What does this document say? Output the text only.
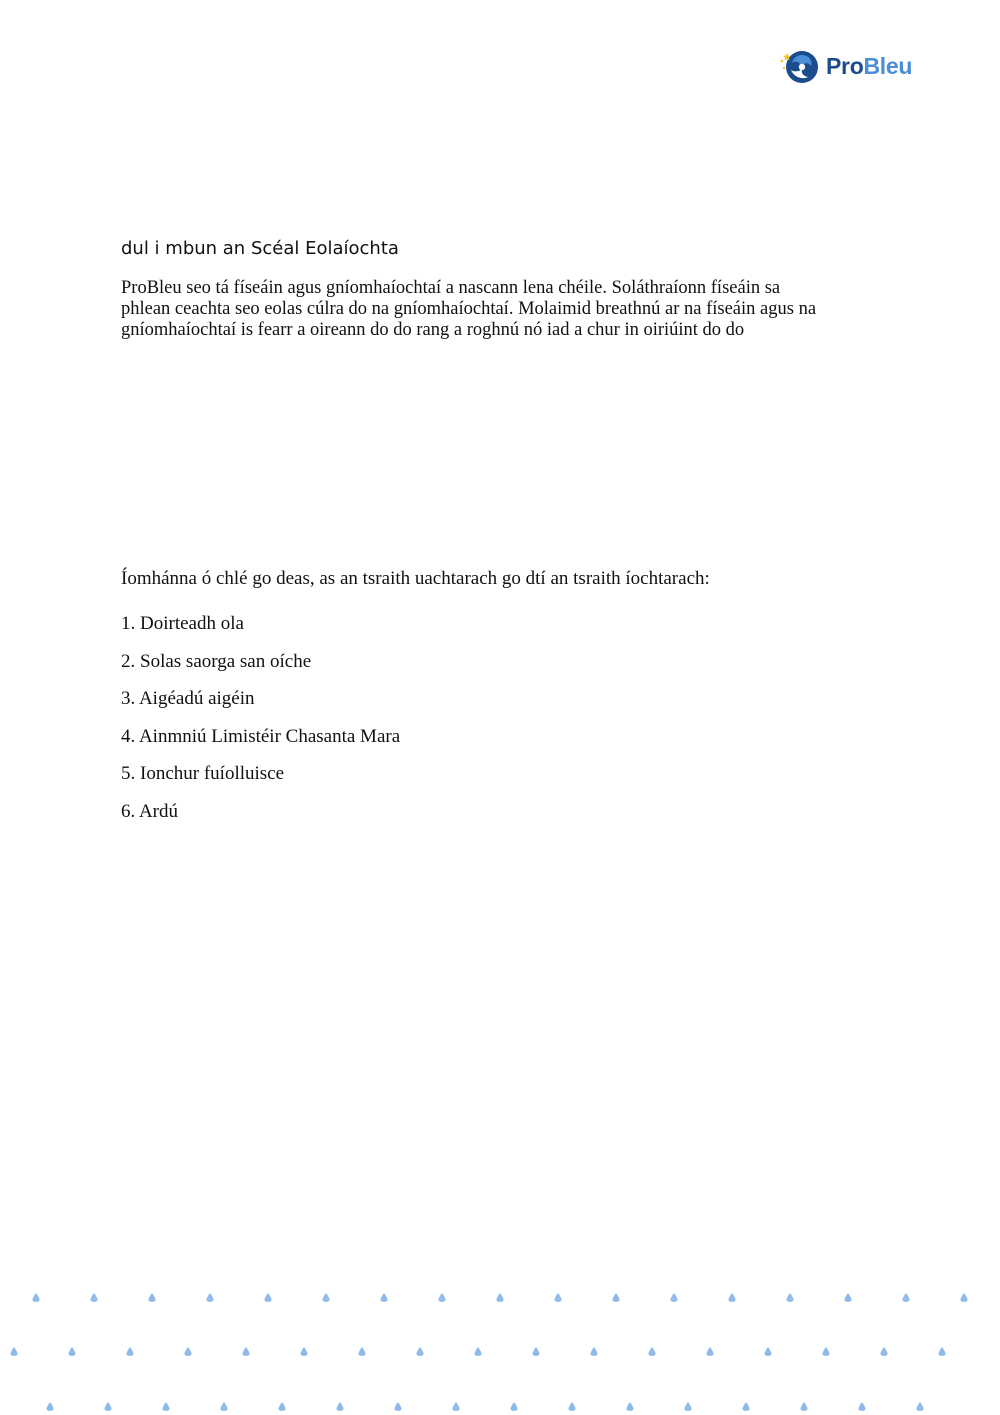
ProBleu
dul i mbun an Scéal Eolaíochta
ProBleu seo tá físeáin agus gníomhaíochtaí a nascann lena chéile. Soláthraíonn físeáin sa
phlean ceachta seo eolas cúlra do na gníomhaíochtaí. Molaimid breathnú ar na físeáin agus na
gníomhaíochtaí is fearr a oireann do do rang a roghnú nó iad a chur in oiriúint do do
Íomhánna ó chlé go deas, as an tsraith uachtarach go dtí an tsraith íochtarach:
1. Doirteadh ola
2. Solas saorga san oíche
3. Aigéadú aigéin
4. Ainmniú Limistéir Chasanta Mara
5. Ionchur fuíolluisce
6. Ardú
